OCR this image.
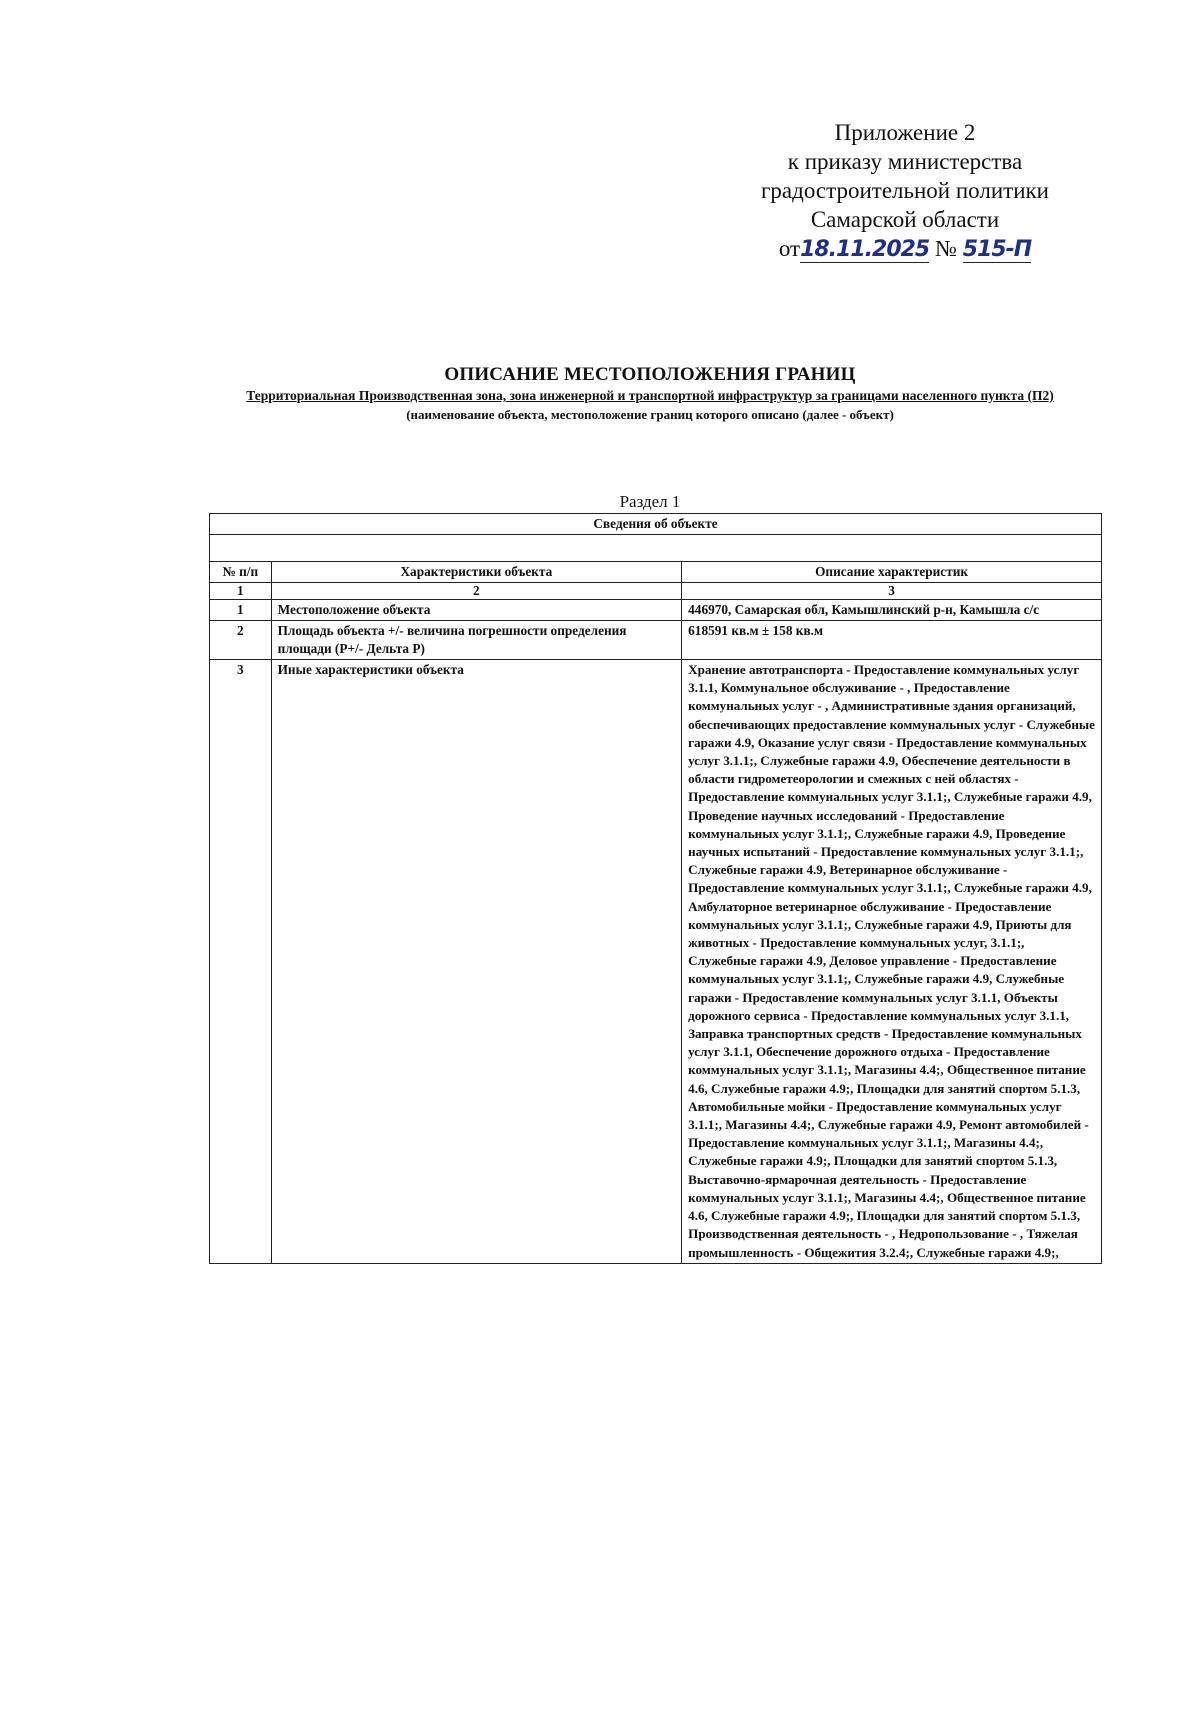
Приложение 2
к приказу министерства
градостроительной политики
Самарской области
от18.11.2025 № 515-П
ОПИСАНИЕ МЕСТОПОЛОЖЕНИЯ ГРАНИЦ
Территориальная Производственная зона, зона инженерной и транспортной инфраструктур за границами населенного пункта (П2)
(наименование объекта, местоположение границ которого описано (далее - объект)
Раздел 1
Сведения об объекте		

№ п/п	Характеристики объекта	Описание характеристик
1	2	3
1	Местоположение объекта	446970, Самарская обл, Камышлинский р-н, Камышла с/с
2	Площадь объекта +/- величина погрешности определения площади (Р+/- Дельта Р)	618591 кв.м ± 158 кв.м
3	Иные характеристики объекта	Хранение автотранспорта - Предоставление коммунальных услуг 3.1.1, Коммунальное обслуживание - , Предоставление коммунальных услуг - , Административные здания организаций, обеспечивающих предоставление коммунальных услуг - Служебные гаражи 4.9, Оказание услуг связи - Предоставление коммунальных услуг 3.1.1;, Служебные гаражи 4.9, Обеспечение деятельности в области гидрометеорологии и смежных с ней областях - Предоставление коммунальных услуг 3.1.1;, Служебные гаражи 4.9, Проведение научных исследований - Предоставление коммунальных услуг 3.1.1;, Служебные гаражи 4.9, Проведение научных испытаний - Предоставление коммунальных услуг 3.1.1;, Служебные гаражи 4.9, Ветеринарное обслуживание - Предоставление коммунальных услуг 3.1.1;, Служебные гаражи 4.9, Амбулаторное ветеринарное обслуживание - Предоставление коммунальных услуг 3.1.1;, Служебные гаражи 4.9, Приюты для животных - Предоставление коммунальных услуг, 3.1.1;, Служебные гаражи 4.9, Деловое управление - Предоставление коммунальных услуг 3.1.1;, Служебные гаражи 4.9, Служебные гаражи - Предоставление коммунальных услуг 3.1.1, Объекты дорожного сервиса - Предоставление коммунальных услуг 3.1.1, Заправка транспортных средств - Предоставление коммунальных услуг 3.1.1, Обеспечение дорожного отдыха - Предоставление коммунальных услуг 3.1.1;, Магазины 4.4;, Общественное питание 4.6, Служебные гаражи 4.9;, Площадки для занятий спортом 5.1.3, Автомобильные мойки - Предоставление коммунальных услуг 3.1.1;, Магазины 4.4;, Служебные гаражи 4.9, Ремонт автомобилей - Предоставление коммунальных услуг 3.1.1;, Магазины 4.4;, Служебные гаражи 4.9;, Площадки для занятий спортом 5.1.3, Выставочно-ярмарочная деятельность - Предоставление коммунальных услуг 3.1.1;, Магазины 4.4;, Общественное питание 4.6, Служебные гаражи 4.9;, Площадки для занятий спортом 5.1.3, Производственная деятельность - , Недропользование - , Тяжелая промышленность - Общежития 3.2.4;, Служебные гаражи 4.9;,
